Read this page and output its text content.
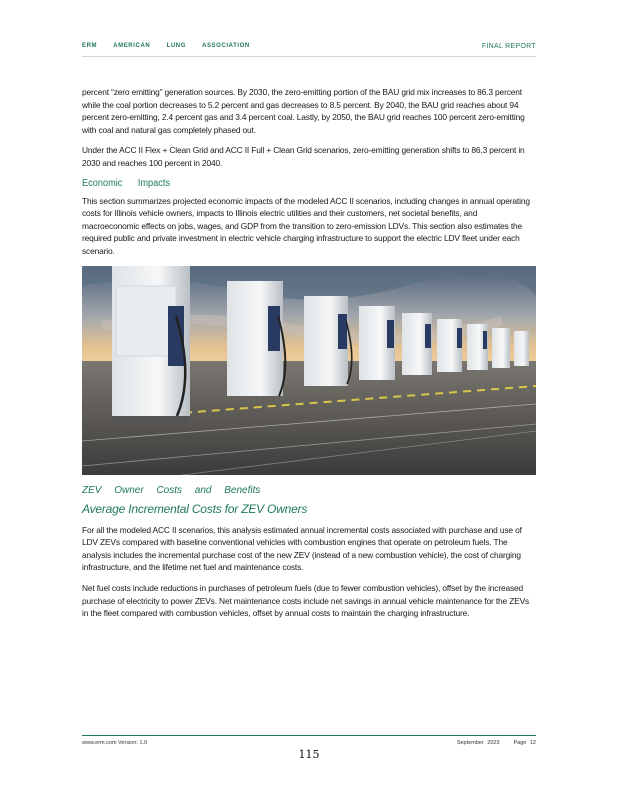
ERM AMERICAN LUNG ASSOCIATION	FINAL REPORT

percent “zero emitting” generation sources. By 2030, the zero-emitting portion of the BAU grid mix increases to 86.3 percent while the coal portion decreases to 5.2 percent and gas decreases to 8.5 percent. By 2040, the BAU grid reaches about 94 percent zero-emitting, 2.4 percent gas and 3.4 percent coal. Lastly, by 2050, the BAU grid reaches 100 percent zero-emitting with coal and natural gas completely phased out.

Under the ACC II Flex + Clean Grid and ACC II Full + Clean Grid scenarios, zero-emitting generation shifts to 86.3 percent in 2030 and reaches 100 percent in 2040.

Economic Impacts

This section summarizes projected economic impacts of the modeled ACC II scenarios, including changes in annual operating costs for Illinois vehicle owners, impacts to Illinois electric utilities and their customers, net societal benefits, and macroeconomic effects on jobs, wages, and GDP from the transition to zero-emission LDVs. This section also estimates the required public and private investment in electric vehicle charging infrastructure to support the electric LDV fleet under each scenario.

ZEV Owner Costs and Benefits
Average Incremental Costs for ZEV Owners

For all the modeled ACC II scenarios, this analysis estimated annual incremental costs associated with purchase and use of LDV ZEVs compared with baseline conventional vehicles with combustion engines that operate on petroleum fuels. The analysis includes the incremental purchase cost of the new ZEV (instead of a new combustion vehicle), the cost of charging infrastructure, and the lifetime net fuel and maintenance costs.

Net fuel costs include reductions in purchases of petroleum fuels (due to fewer combustion vehicles), offset by the increased purchase of electricity to power ZEVs. Net maintenance costs include net savings in annual vehicle maintenance for the ZEVs in the fleet compared with combustion vehicles, offset by annual costs to maintain the charging infrastructure.

www.erm.com Version: 1.0	September 2023	Page 12
115
